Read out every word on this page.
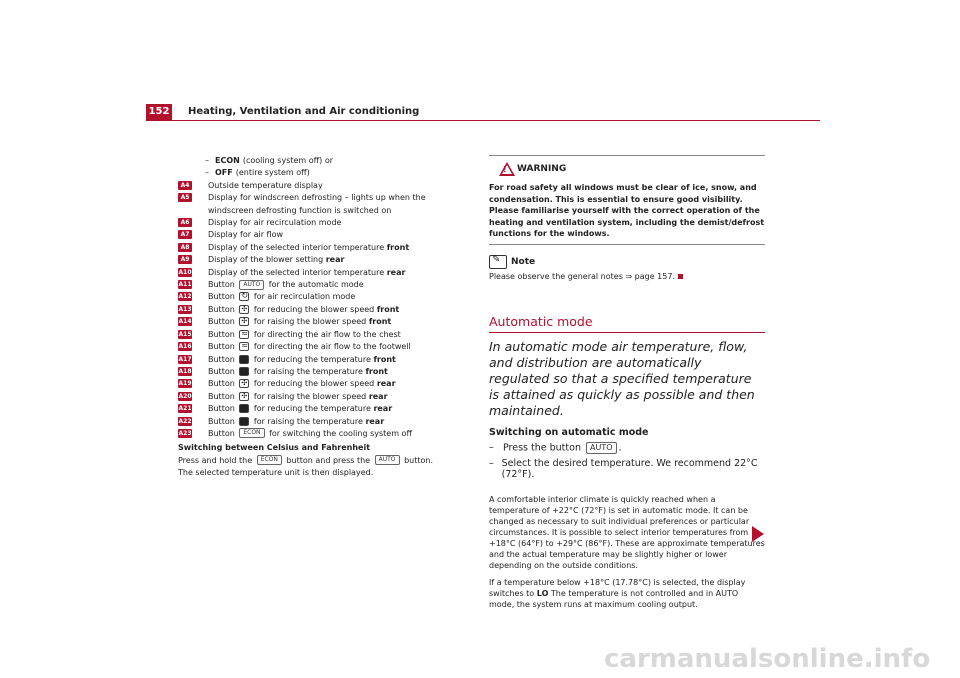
152 Heating, Ventilation and Air conditioning
– ECON (cooling system off) or
– OFF (entire system off)
A4	Outside temperature display
A5	Display for windscreen defrosting – lights up when the windscreen defrosting function is switched on
A6	Display for air recirculation mode
A7	Display for air flow
A8	Display of the selected interior temperature front
A9	Display of the blower setting rear
A10 Display of the selected interior temperature rear
A11 Button AUTO for the automatic mode
A12 Button ↻ for air recirculation mode
A13 Button ✣ for reducing the blower speed front
A14 Button ✣ for raising the blower speed front
A15 Button ≈ for directing the air flow to the chest
A16 Button ≈ for directing the air flow to the footwell
A17 Button for reducing the temperature front
A18 Button for raising the temperature front
A19 Button ✣ for reducing the blower speed rear
A20 Button ✣ for raising the blower speed rear
A21 Button for reducing the temperature rear
A22 Button for raising the temperature rear
A23 Button ECON for switching the cooling system off
Switching between Celsius and Fahrenheit
Press and hold the ECON button and press the AUTO button.
The selected temperature unit is then displayed.
! WARNING
For road safety all windows must be clear of ice, snow, and condensation. This is essential to ensure good visibility. Please familiarise yourself with the correct operation of the heating and ventilation system, including the demist/defrost functions for the windows.
✎
Note
Please observe the general notes ⇒ page 157.
Automatic mode
In automatic mode air temperature, flow, and distribution are automatically regulated so that a specified temperature is attained as quickly as possible and then maintained.
Switching on automatic mode
– Press the button AUTO .
– Select the desired temperature. We recommend 22°C (72°F).
A comfortable interior climate is quickly reached when a temperature of +22°C (72°F) is set in automatic mode. It can be changed as necessary to suit individual preferences or particular circumstances. It is possible to select interior temperatures from +18°C (64°F) to +29°C (86°F). These are approximate temperatures and the actual temperature may be slightly higher or lower depending on the outside conditions.
If a temperature below +18°C (17.78°C) is selected, the display switches to LO The temperature is not controlled and in AUTO mode, the system runs at maximum cooling output.
carmanualsonline.info
